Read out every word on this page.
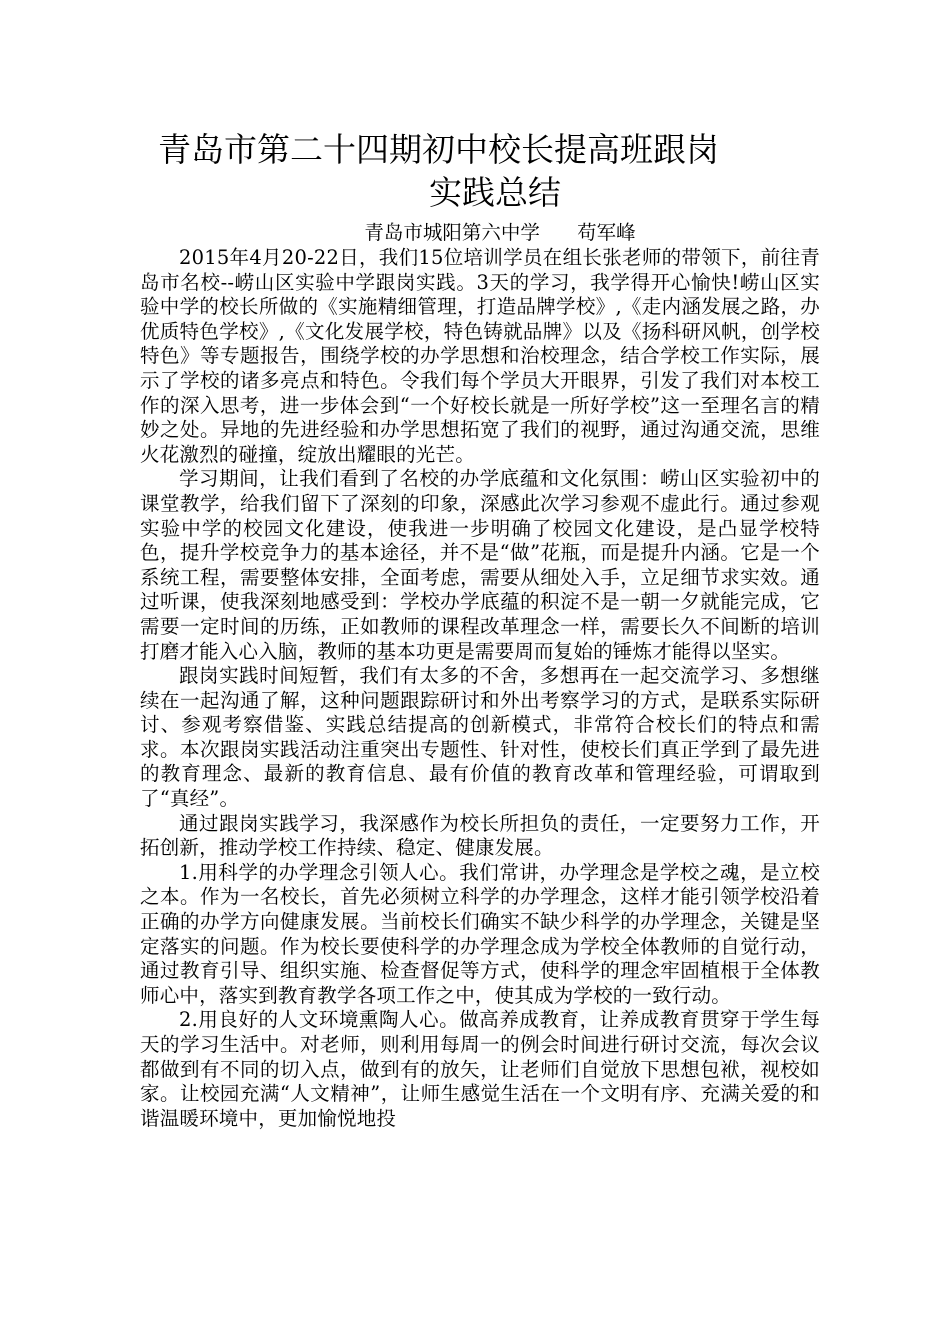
青岛市第二十四期初中校长提高班跟岗
实践总结
青岛市城阳第六中学      苟军峰

2015年4月20-22日，我们15位培训学员在组长张老师的带领下，前往青岛市名校--崂山区实验中学跟岗实践。3天的学习，我学得开心愉快!崂山区实验中学的校长所做的《实施精细管理，打造品牌学校》,《走内涵发展之路，办优质特色学校》,《文化发展学校，特色铸就品牌》以及《扬科研风帆，创学校特色》等专题报告，围绕学校的办学思想和治校理念，结合学校工作实际，展示了学校的诸多亮点和特色。令我们每个学员大开眼界，引发了我们对本校工作的深入思考，进一步体会到“一个好校长就是一所好学校”这一至理名言的精妙之处。异地的先进经验和办学思想拓宽了我们的视野，通过沟通交流，思维火花激烈的碰撞，绽放出耀眼的光芒。

学习期间，让我们看到了名校的办学底蕴和文化氛围：崂山区实验初中的课堂教学，给我们留下了深刻的印象，深感此次学习参观不虚此行。通过参观实验中学的校园文化建设，使我进一步明确了校园文化建设，是凸显学校特色，提升学校竞争力的基本途径，并不是“做”花瓶，而是提升内涵。它是一个系统工程，需要整体安排，全面考虑，需要从细处入手，立足细节求实效。通过听课，使我深刻地感受到：学校办学底蕴的积淀不是一朝一夕就能完成，它需要一定时间的历练，正如教师的课程改革理念一样，需要长久不间断的培训打磨才能入心入脑，教师的基本功更是需要周而复始的锤炼才能得以坚实。

跟岗实践时间短暂，我们有太多的不舍，多想再在一起交流学习、多想继续在一起沟通了解，这种问题跟踪研讨和外出考察学习的方式，是联系实际研讨、参观考察借鉴、实践总结提高的创新模式，非常符合校长们的特点和需求。本次跟岗实践活动注重突出专题性、针对性，使校长们真正学到了最先进的教育理念、最新的教育信息、最有价值的教育改革和管理经验，可谓取到了“真经”。

通过跟岗实践学习，我深感作为校长所担负的责任，一定要努力工作，开拓创新，推动学校工作持续、稳定、健康发展。

1.用科学的办学理念引领人心。我们常讲，办学理念是学校之魂，是立校之本。作为一名校长，首先必须树立科学的办学理念，这样才能引领学校沿着正确的办学方向健康发展。当前校长们确实不缺少科学的办学理念，关键是坚定落实的问题。作为校长要使科学的办学理念成为学校全体教师的自觉行动，通过教育引导、组织实施、检查督促等方式，使科学的理念牢固植根于全体教师心中，落实到教育教学各项工作之中，使其成为学校的一致行动。

2.用良好的人文环境熏陶人心。做高养成教育，让养成教育贯穿于学生每天的学习生活中。对老师，则利用每周一的例会时间进行研讨交流，每次会议都做到有不同的切入点，做到有的放矢，让老师们自觉放下思想包袱，视校如家。让校园充满“人文精神”，让师生感觉生活在一个文明有序、充满关爱的和谐温暖环境中，更加愉悦地投
